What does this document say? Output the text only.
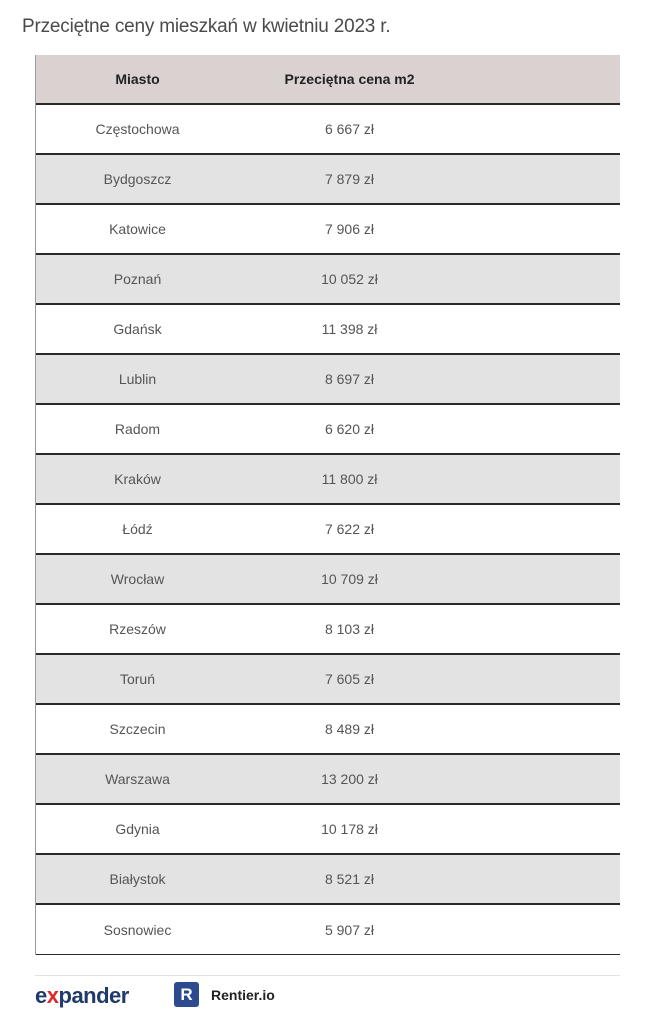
Przeciętne ceny mieszkań w kwietniu 2023 r.
Miasto	Przeciętna cena m2
Częstochowa	6 667 zł
Bydgoszcz	7 879 zł
Katowice	7 906 zł
Poznań	10 052 zł
Gdańsk	11 398 zł
Lublin	8 697 zł
Radom	6 620 zł
Kraków	11 800 zł
Łódź	7 622 zł
Wrocław	10 709 zł
Rzeszów	8 103 zł
Toruń	7 605 zł
Szczecin	8 489 zł
Warszawa	13 200 zł
Gdynia	10 178 zł
Białystok	8 521 zł
Sosnowiec	5 907 zł
expander	R	Rentier.io
